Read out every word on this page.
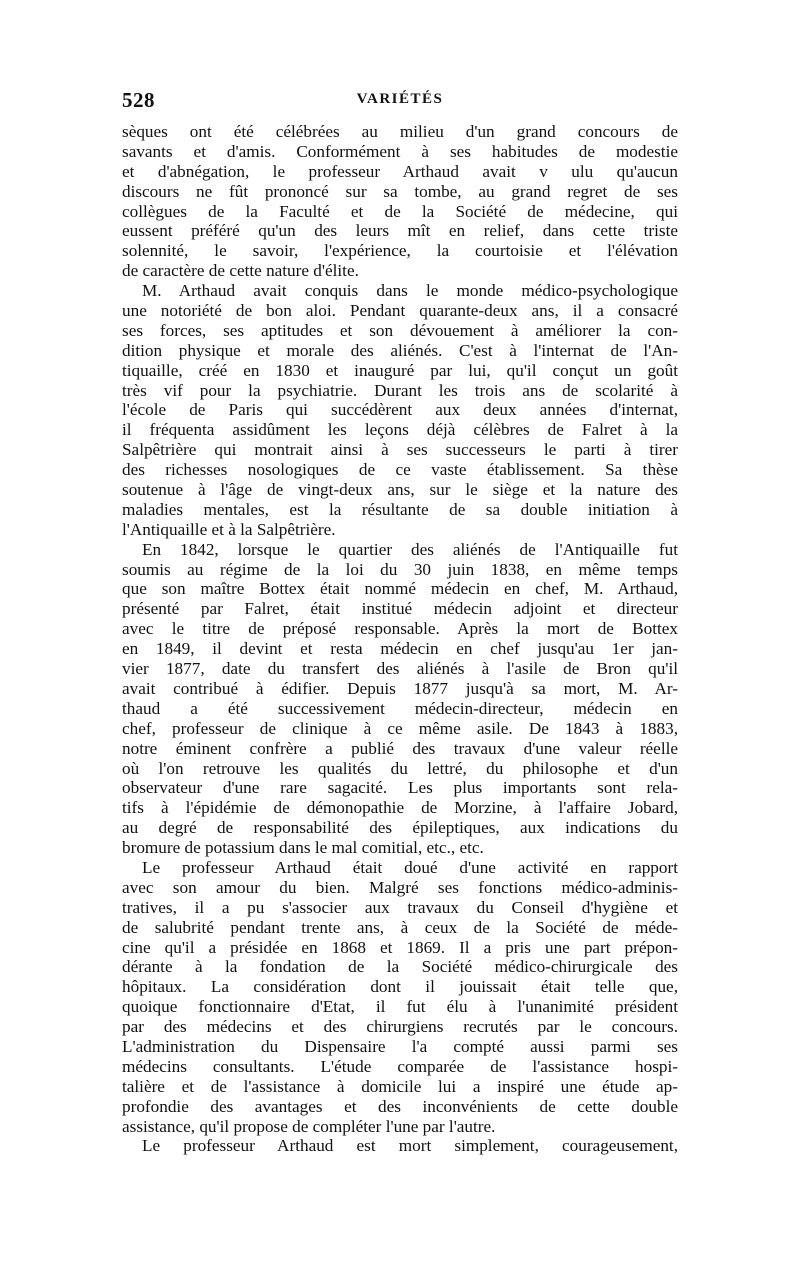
528	VARIÉTÉS
sèques ont été célébrées au milieu d'un grand concours de
savants et d'amis. Conformément à ses habitudes de modestie
et d'abnégation, le professeur Arthaud avait v ulu qu'aucun
discours ne fût prononcé sur sa tombe, au grand regret de ses
collègues de la Faculté et de la Société de médecine, qui
eussent préféré qu'un des leurs mît en relief, dans cette triste
solennité, le savoir, l'expérience, la courtoisie et l'élévation
de caractère de cette nature d'élite.
M. Arthaud avait conquis dans le monde médico-psychologique
une notoriété de bon aloi. Pendant quarante-deux ans, il a consacré
ses forces, ses aptitudes et son dévouement à améliorer la con-
dition physique et morale des aliénés. C'est à l'internat de l'An-
tiquaille, créé en 1830 et inauguré par lui, qu'il conçut un goût
très vif pour la psychiatrie. Durant les trois ans de scolarité à
l'école de Paris qui succédèrent aux deux années d'internat,
il fréquenta assidûment les leçons déjà célèbres de Falret à la
Salpêtrière qui montrait ainsi à ses successeurs le parti à tirer
des richesses nosologiques de ce vaste établissement. Sa thèse
soutenue à l'âge de vingt-deux ans, sur le siège et la nature des
maladies mentales, est la résultante de sa double initiation à
l'Antiquaille et à la Salpêtrière.
En 1842, lorsque le quartier des aliénés de l'Antiquaille fut
soumis au régime de la loi du 30 juin 1838, en même temps
que son maître Bottex était nommé médecin en chef, M. Arthaud,
présenté par Falret, était institué médecin adjoint et directeur
avec le titre de préposé responsable. Après la mort de Bottex
en 1849, il devint et resta médecin en chef jusqu'au 1er jan-
vier 1877, date du transfert des aliénés à l'asile de Bron qu'il
avait contribué à édifier. Depuis 1877 jusqu'à sa mort, M. Ar-
thaud a été successivement médecin-directeur, médecin en
chef, professeur de clinique à ce même asile. De 1843 à 1883,
notre éminent confrère a publié des travaux d'une valeur réelle
où l'on retrouve les qualités du lettré, du philosophe et d'un
observateur d'une rare sagacité. Les plus importants sont rela-
tifs à l'épidémie de démonopathie de Morzine, à l'affaire Jobard,
au degré de responsabilité des épileptiques, aux indications du
bromure de potassium dans le mal comitial, etc., etc.
Le professeur Arthaud était doué d'une activité en rapport
avec son amour du bien. Malgré ses fonctions médico-adminis-
tratives, il a pu s'associer aux travaux du Conseil d'hygiène et
de salubrité pendant trente ans, à ceux de la Société de méde-
cine qu'il a présidée en 1868 et 1869. Il a pris une part prépon-
dérante à la fondation de la Société médico-chirurgicale des
hôpitaux. La considération dont il jouissait était telle que,
quoique fonctionnaire d'Etat, il fut élu à l'unanimité président
par des médecins et des chirurgiens recrutés par le concours.
L'administration du Dispensaire l'a compté aussi parmi ses
médecins consultants. L'étude comparée de l'assistance hospi-
talière et de l'assistance à domicile lui a inspiré une étude ap-
profondie des avantages et des inconvénients de cette double
assistance, qu'il propose de compléter l'une par l'autre.
Le professeur Arthaud est mort simplement, courageusement,
